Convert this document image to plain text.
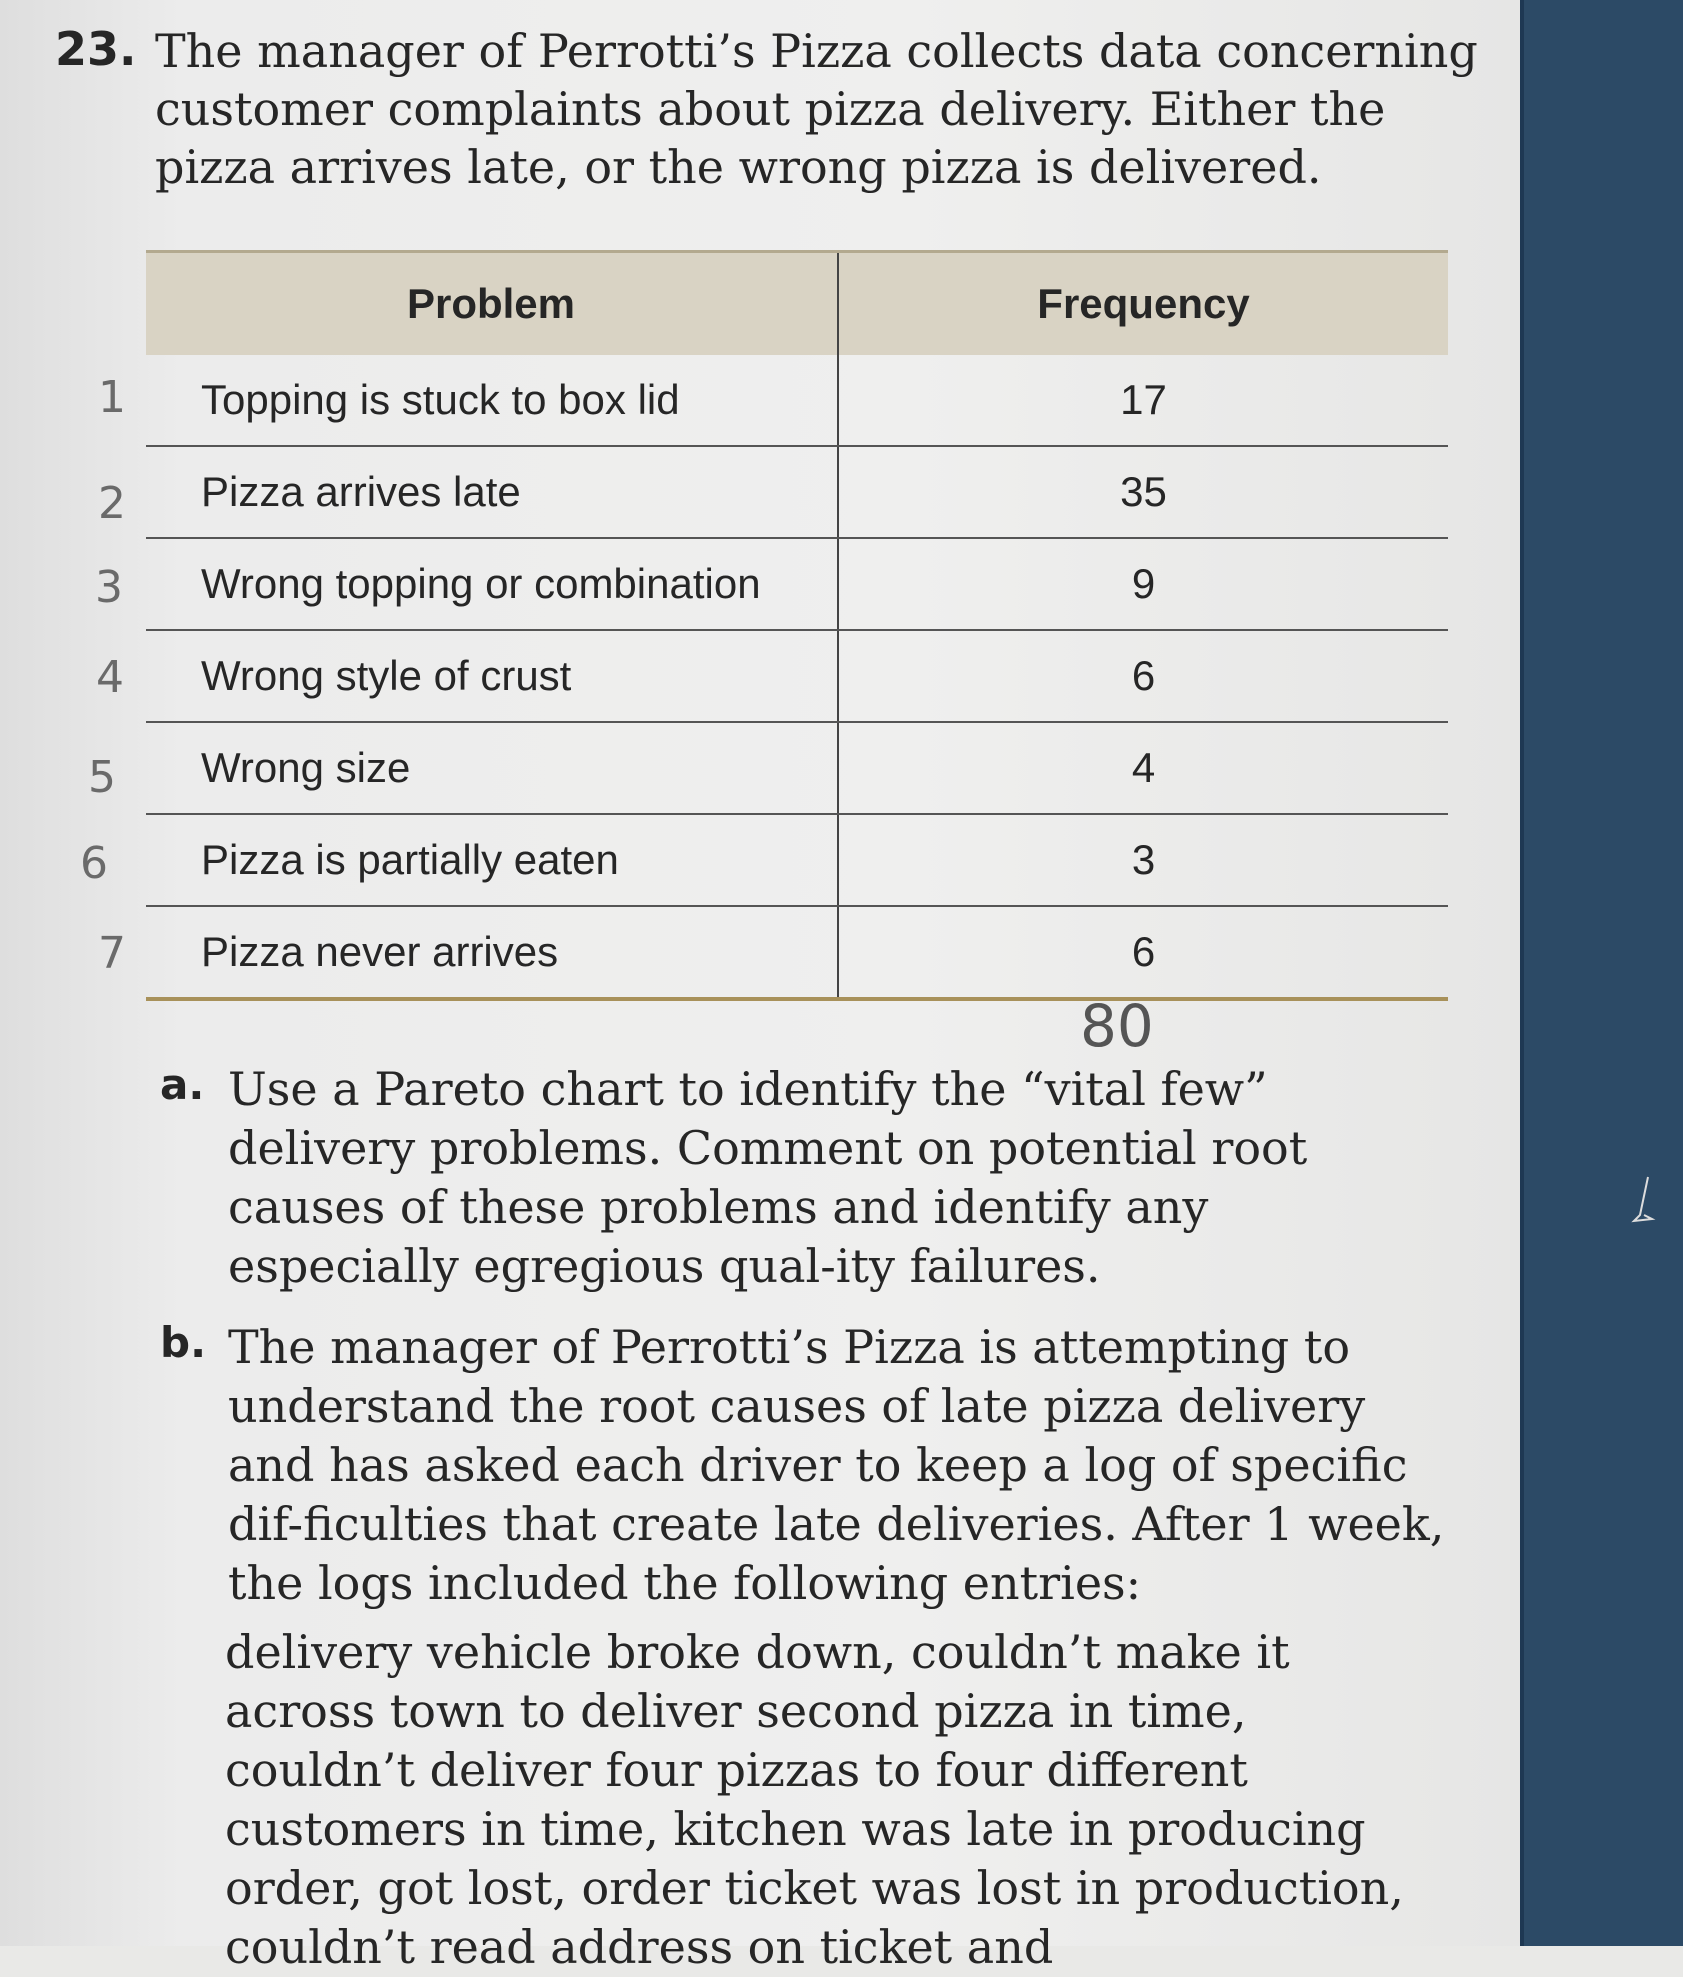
23. The manager of Perrotti’s Pizza collects data concerning customer complaints about pizza delivery. Either the pizza arrives late, or the wrong pizza is delivered.

Problem	Frequency
Topping is stuck to box lid	17
Pizza arrives late	35
Wrong topping or combination	9
Wrong style of crust	6
Wrong size	4
Pizza is partially eaten	3
Pizza never arrives	6
1
2
3
4
5
6
7
80
a. Use a Pareto chart to identify the “vital few” delivery problems. Comment on potential root causes of these problems and identify any especially egregious qual-ity failures.

b. The manager of Perrotti’s Pizza is attempting to understand the root causes of late pizza delivery and has asked each driver to keep a log of specific dif-ficulties that create late deliveries. After 1 week, the logs included the following entries:

delivery vehicle broke down, couldn’t make it across town to deliver second pizza in time, couldn’t deliver four pizzas to four different customers in time, kitchen was late in producing order, got lost, order ticket was lost in production, couldn’t read address on ticket and
